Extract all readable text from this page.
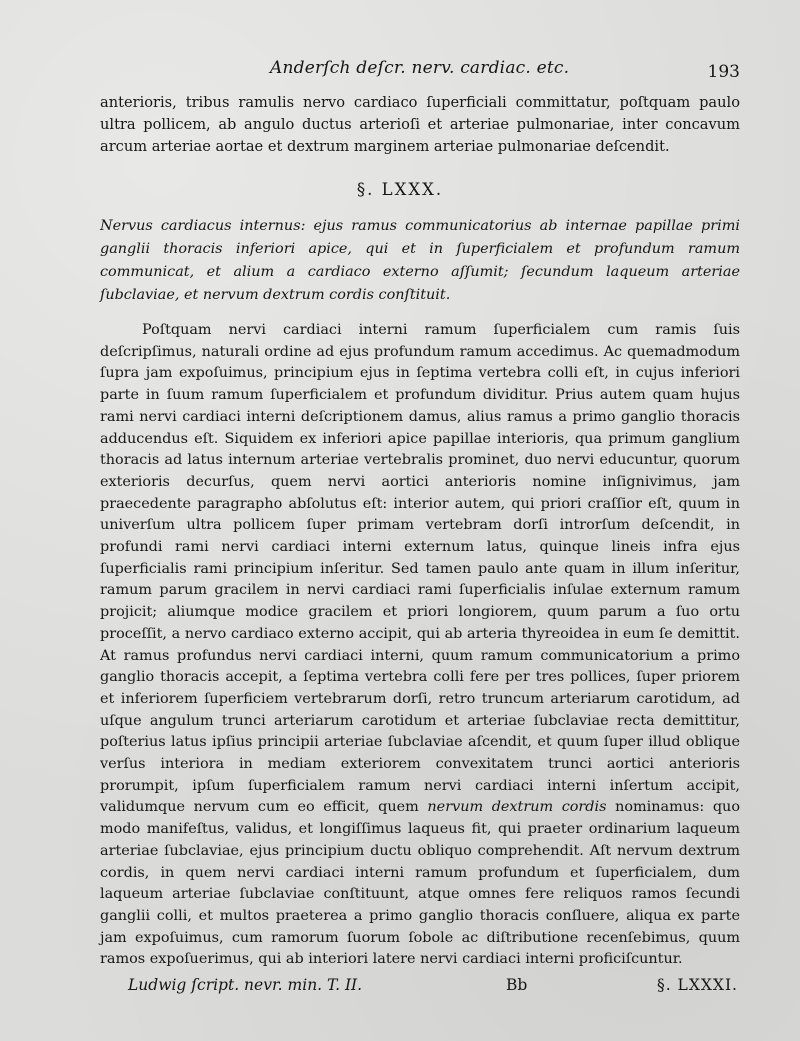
Anderſch deſcr. nerv. cardiac. etc.	193

anterioris, tribus ramulis nervo cardiaco ſuperficiali committatur, poſtquam paulo ultra pollicem, ab angulo ductus arterioſi et arteriae pulmonariae, inter concavum arcum arteriae aortae et dextrum marginem arteriae pulmonariae deſcendit.

§. LXXX.

Nervus cardiacus internus: ejus ramus communicatorius ab internae papillae primi ganglii thoracis inferiori apice, qui et in ſuperficialem et profundum ramum communicat, et alium a cardiaco externo aſſumit; ſecundum laqueum arteriae ſubclaviae, et nervum dextrum cordis conſtituit.

Poſtquam nervi cardiaci interni ramum ſuperficialem cum ramis ſuis deſcripſimus, naturali ordine ad ejus profundum ramum accedimus. Ac quemadmodum ſupra jam expoſuimus, principium ejus in ſeptima vertebra colli eſt, in cujus inferiori parte in ſuum ramum ſuperficialem et profundum dividitur. Prius autem quam hujus rami nervi cardiaci interni deſcriptionem damus, alius ramus a primo ganglio thoracis adducendus eſt. Siquidem ex inferiori apice papillae interioris, qua primum ganglium thoracis ad latus internum arteriae vertebralis prominet, duo nervi educuntur, quorum exterioris decurſus, quem nervi aortici anterioris nomine inſignivimus, jam praecedente paragrapho abſolutus eſt: interior autem, qui priori craſſior eſt, quum in univerſum ultra pollicem ſuper primam vertebram dorſi introrſum deſcendit, in profundi rami nervi cardiaci interni externum latus, quinque lineis infra ejus ſuperficialis rami principium inſeritur. Sed tamen paulo ante quam in illum inſeritur, ramum parum gracilem in nervi cardiaci rami ſuperficialis inſulae externum ramum projicit; aliumque modice gracilem et priori longiorem, quum parum a ſuo ortu proceſſit, a nervo cardiaco externo accipit, qui ab arteria thyreoidea in eum ſe demittit. At ramus profundus nervi cardiaci interni, quum ramum communicatorium a primo ganglio thoracis accepit, a ſeptima vertebra colli fere per tres pollices, ſuper priorem et inferiorem ſuperficiem vertebrarum dorſi, retro truncum arteriarum carotidum, ad uſque angulum trunci arteriarum carotidum et arteriae ſubclaviae recta demittitur, poſterius latus ipſius principii arteriae ſubclaviae aſcendit, et quum ſuper illud oblique verſus interiora in mediam exteriorem convexitatem trunci aortici anterioris prorumpit, ipſum ſuperficialem ramum nervi cardiaci interni inſertum accipit, validumque nervum cum eo efficit, quem nervum dextrum cordis nominamus: quo modo manifeſtus, validus, et longiſſimus laqueus fit, qui praeter ordinarium laqueum arteriae ſubclaviae, ejus principium ductu obliquo comprehendit. Aſt nervum dextrum cordis, in quem nervi cardiaci interni ramum profundum et ſuperficialem, dum laqueum arteriae ſubclaviae conſtituunt, atque omnes fere reliquos ramos ſecundi ganglii colli, et multos praeterea a primo ganglio thoracis conſluere, aliqua ex parte jam expoſuimus, cum ramorum ſuorum ſobole ac diſtributione recenſebimus, quum ramos expoſuerimus, qui ab interiori latere nervi cardiaci interni proficiſcuntur.

Ludwig ſcript. nevr. min. T. II.	Bb	§. LXXXI.
